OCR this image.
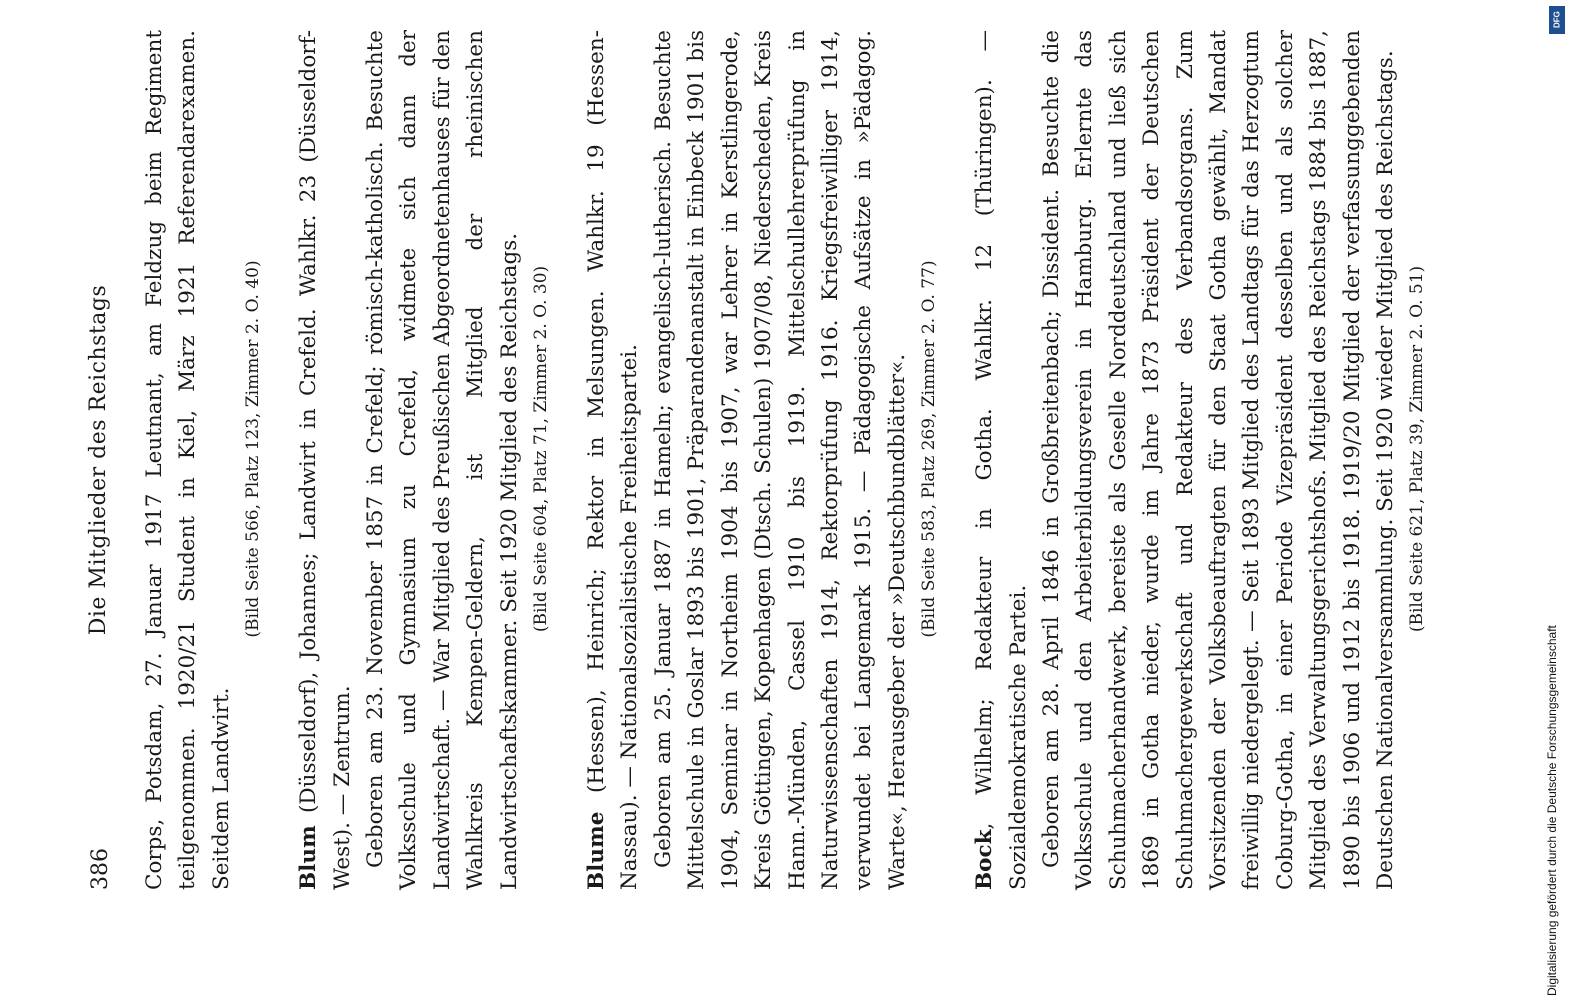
386
Die Mitglieder des Reichstags Corps, Potsdam, 27. Januar 1917 Leutnant, am Feldzug beim Regiment teilgenommen. 1920/21 Student in Kiel, März 1921 Referendarexamen. Seitdem Landwirt.

(Bild Seite 566, Platz 123, Zimmer 2. O. 40)

Blum (Düsseldorf), Johannes; Landwirt in Crefeld. Wahlkr. 23 (Düsseldorf-West). — Zentrum. Geboren am 23. November 1857 in Crefeld; römisch-katholisch. Besuchte Volksschule und Gymnasium zu Crefeld, widmete sich dann der Landwirtschaft. — War Mitglied des Preußischen Abgeordnetenhauses für den Wahlkreis Kempen-Geldern, ist Mitglied der rheinischen Landwirtschaftskammer. Seit 1920 Mitglied des Reichstags. (Bild Seite 604, Platz 71, Zimmer 2. O. 30)

Blume (Hessen), Heinrich; Rektor in Melsungen. Wahlkr. 19 (Hessen-Nassau). — Nationalsozialistische Freiheitspartei. Geboren am 25. Januar 1887 in Hameln; evangelisch-lutherisch. Besuchte Mittelschule in Goslar 1893 bis 1901, Präparandenanstalt in Einbeck 1901 bis 1904, Seminar in Northeim 1904 bis 1907, war Lehrer in Kerstlingerode, Kreis Göttingen, Kopenhagen (Dtsch. Schulen) 1907/08, Niederscheden, Kreis Hann.-Münden, Cassel 1910 bis 1919. Mittelschullehrerprüfung in Naturwissenschaften 1914, Rektorprüfung 1916. Kriegsfreiwilliger 1914, verwundet bei Langemark 1915. — Pädagogische Aufsätze in »Pädagog. Warte«, Herausgeber der »Deutschbundblätter«. (Bild Seite 583, Platz 269, Zimmer 2. O. 77)

Bock, Wilhelm; Redakteur in Gotha. Wahlkr. 12 (Thüringen). — Sozialdemokratische Partei. Geboren am 28. April 1846 in Großbreitenbach; Dissident. Besuchte die Volksschule und den Arbeiterbildungsverein in Hamburg. Erlernte das Schuhmacherhandwerk, bereiste als Geselle Norddeutschland und ließ sich 1869 in Gotha nieder, wurde im Jahre 1873 Präsident der Deutschen Schuhmachergewerkschaft und Redakteur des Verbandsorgans. Zum Vorsitzenden der Volksbeauftragten für den Staat Gotha gewählt, Mandat freiwillig niedergelegt. — Seit 1893 Mitglied des Landtags für das Herzogtum Coburg-Gotha, in einer Periode Vizepräsident desselben und als solcher Mitglied des Verwaltungsgerichtshofs. Mitglied des Reichstags 1884 bis 1887, 1890 bis 1906 und 1912 bis 1918. 1919/20 Mitglied der verfassunggebenden Deutschen Nationalversammlung. Seit 1920 wieder Mitglied des Reichstags. (Bild Seite 621, Platz 39, Zimmer 2. O. 51)

DFG
Digitalisierung gefördert durch die Deutsche Forschungsgemeinschaft
